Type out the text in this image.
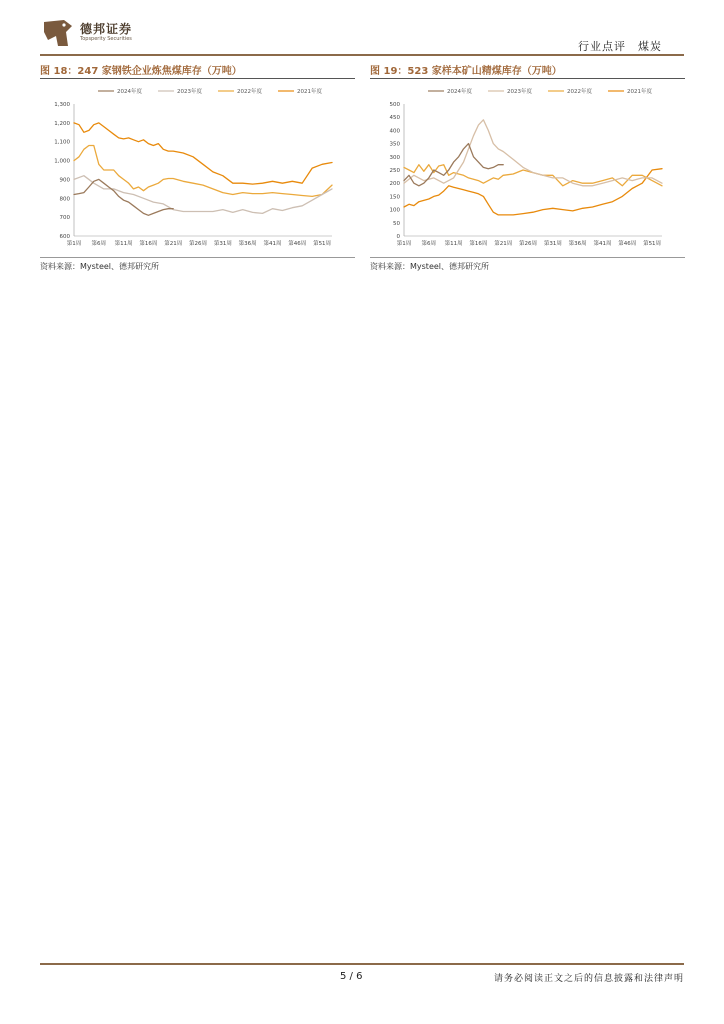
德邦证券
Topsperity Securities
行业点评 煤炭
图 18：247 家钢铁企业炼焦煤库存（万吨）
1,300
1,200
1,100
1,000
900
800
700
600
第1周 第6周 第11周 第16周 第21周 第26周 第31周 第36周 第41周 第46周 第51周
2024年度	2023年度	2022年度	2021年度
资料来源：Mysteel、德邦研究所
图 19：523 家样本矿山精煤库存（万吨）
500
450
400
350
300
250
200
150
100
50
0
第1周 第6周 第11周 第16周 第21周 第26周 第31周 第36周 第41周 第46周 第51周
2024年度	2023年度	2022年度	2021年度
资料来源：Mysteel、德邦研究所
5 / 6	请务必阅读正文之后的信息披露和法律声明
